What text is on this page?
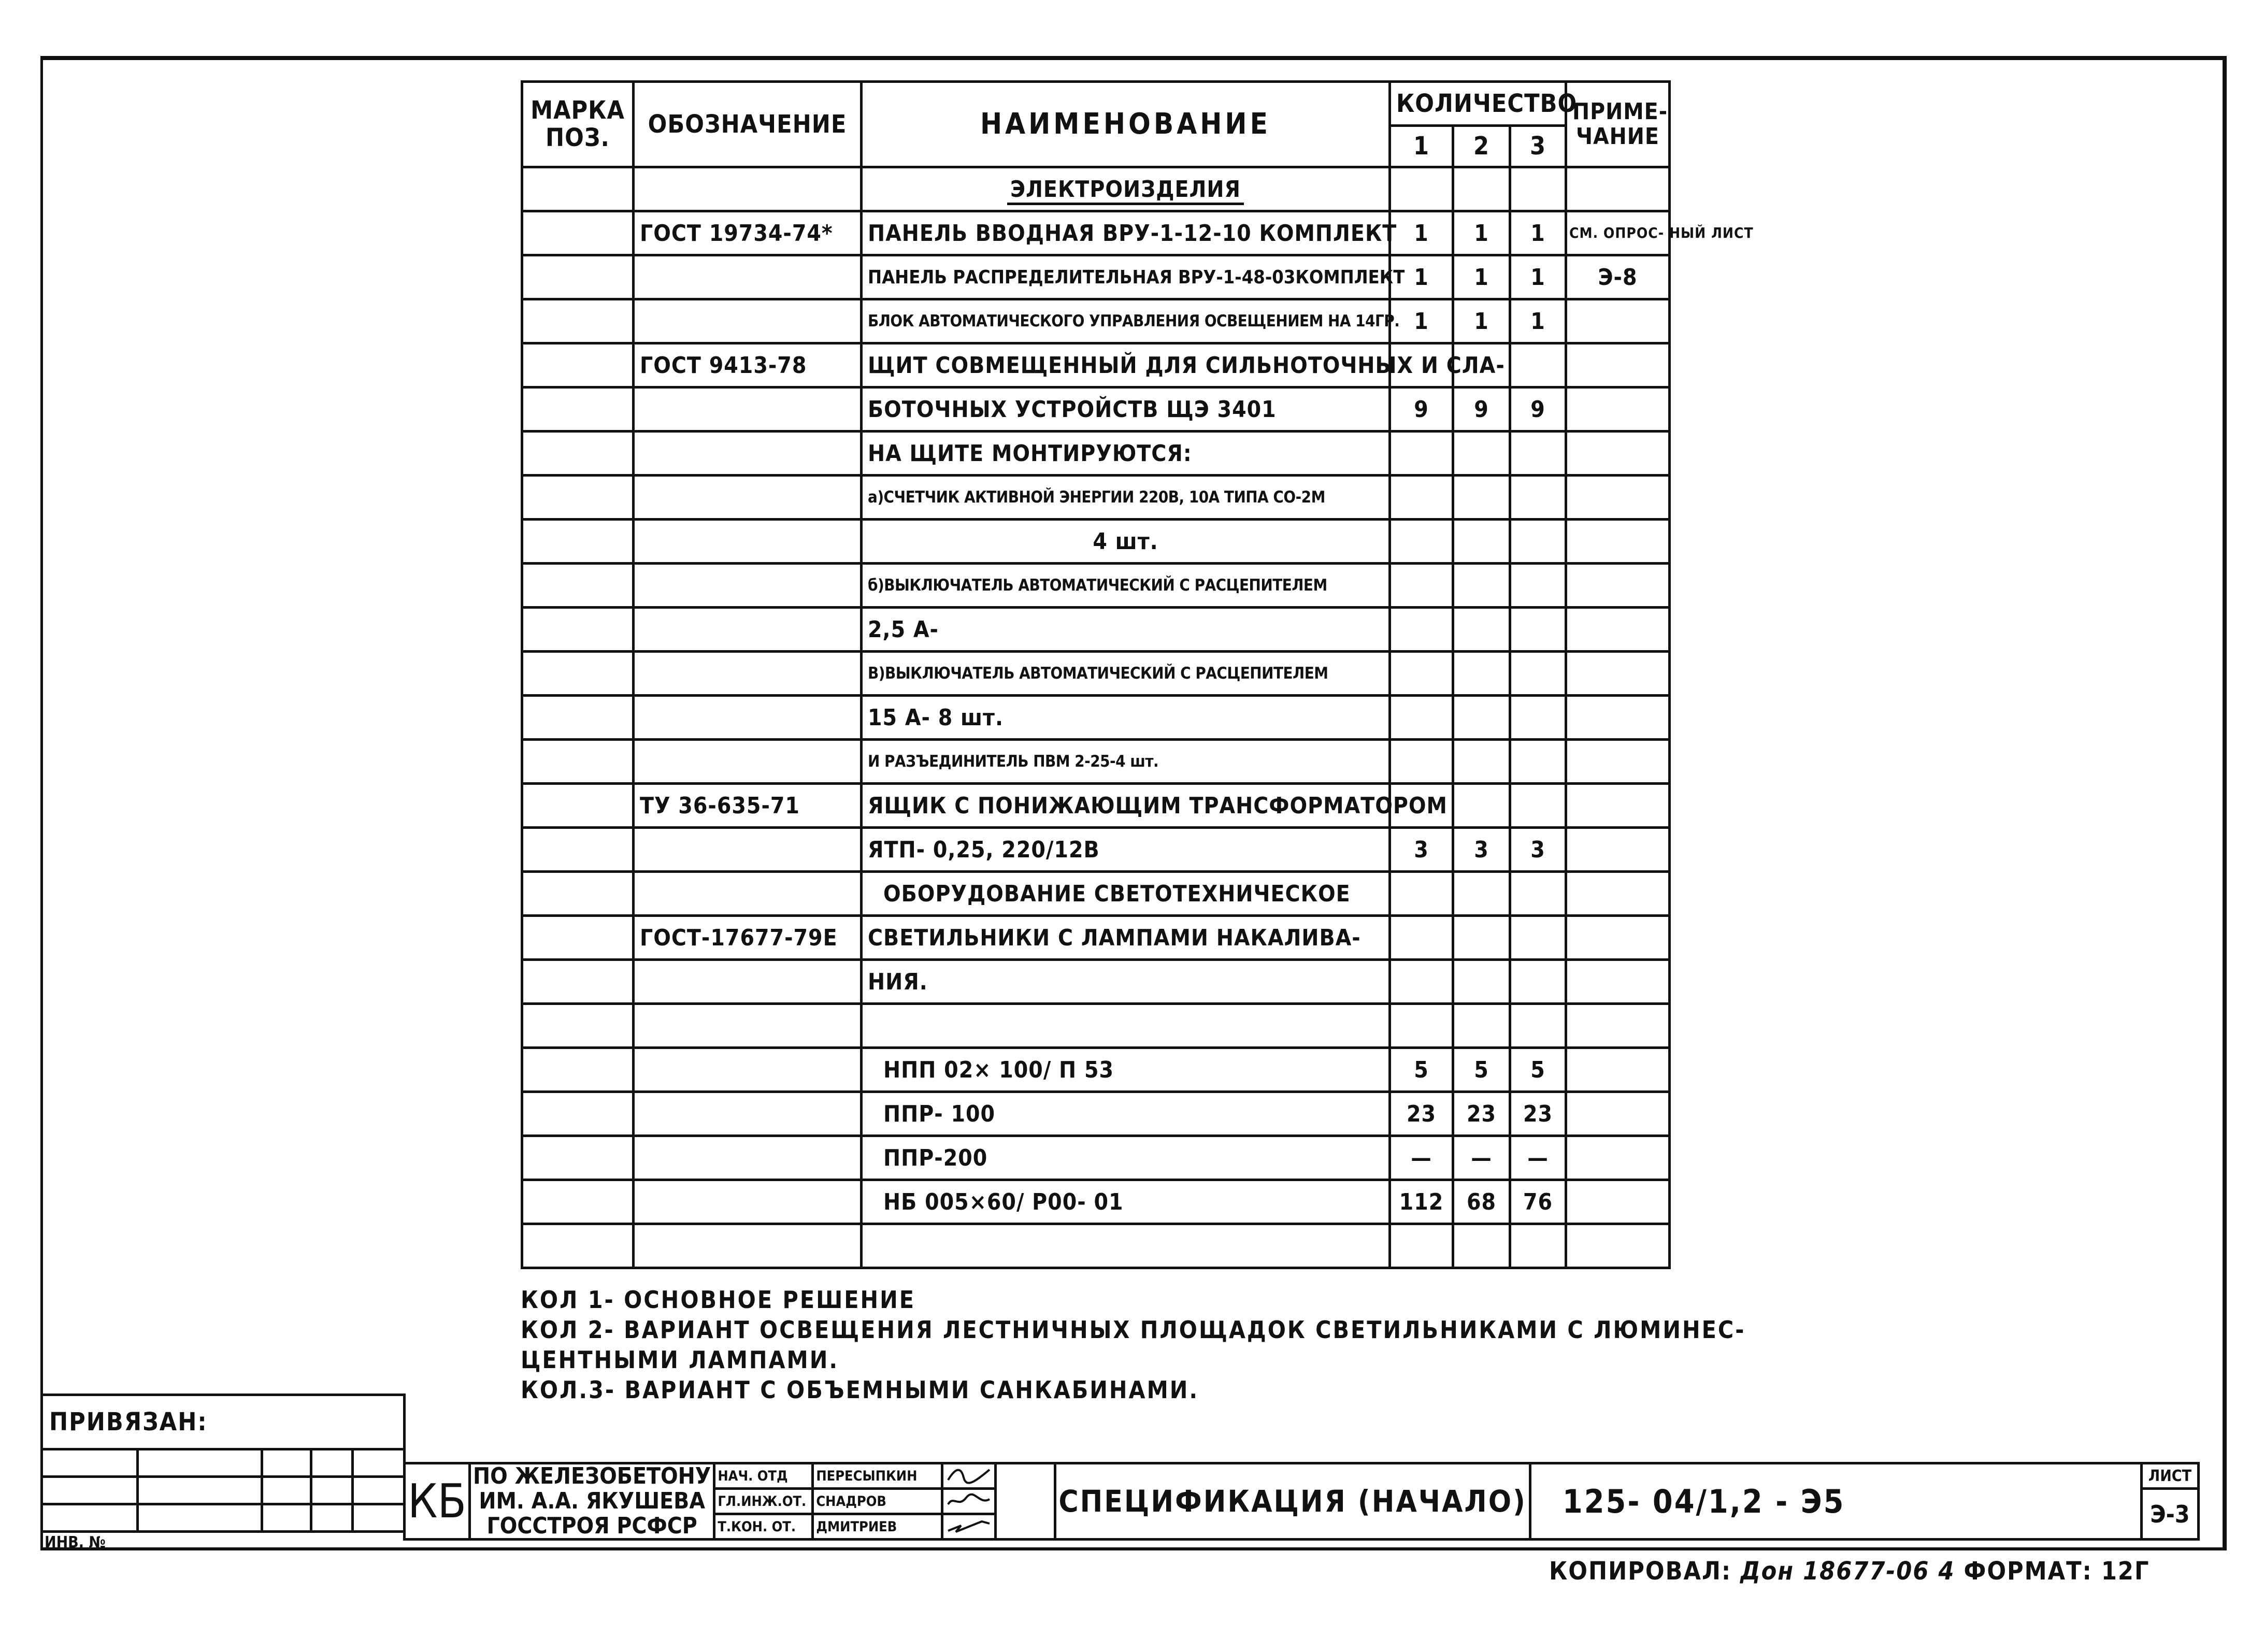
МАРКА ПОЗ.	ОБОЗНАЧЕНИЕ	НАИМЕНОВАНИЕ	КОЛИЧЕСТВО			ПРИМЕ- ЧАНИЕ
			1	2	3	
		ЭЛЕКТРОИЗДЕЛИЯ				
	ГОСТ 19734-74*	ПАНЕЛЬ ВВОДНАЯ ВРУ-1-12-10 КОМПЛЕКТ	1	1	1	СМ. ОПРОС- НЫЙ ЛИСТ
		ПАНЕЛЬ РАСПРЕДЕЛИТЕЛЬНАЯ ВРУ-1-48-03КОМПЛЕКТ	1	1	1	Э-8
		БЛОК АВТОМАТИЧЕСКОГО УПРАВЛЕНИЯ ОСВЕЩЕНИЕМ НА 14ГР.	1	1	1	
	ГОСТ 9413-78	ЩИТ СОВМЕЩЕННЫЙ ДЛЯ СИЛЬНОТОЧНЫХ И СЛА-				
		БОТОЧНЫХ УСТРОЙСТВ ЩЭ 3401	9	9	9	
		НА ЩИТЕ МОНТИРУЮТСЯ:				
		а)СЧЕТЧИК АКТИВНОЙ ЭНЕРГИИ 220В, 10А ТИПА СО-2М				
		4 шт.				
		б)ВЫКЛЮЧАТЕЛЬ АВТОМАТИЧЕСКИЙ С РАСЦЕПИТЕЛЕМ				
		2,5 А-				
		В)ВЫКЛЮЧАТЕЛЬ АВТОМАТИЧЕСКИЙ С РАСЦЕПИТЕЛЕМ				
		15 А- 8 шт.				
		И РАЗЪЕДИНИТЕЛЬ ПВМ 2-25-4 шт.				
	ТУ 36-635-71	ЯЩИК С ПОНИЖАЮЩИМ ТРАНСФОРМАТОРОМ				
		ЯТП- 0,25, 220/12В	3	3	3	
		ОБОРУДОВАНИЕ СВЕТОТЕХНИЧЕСКОЕ				
	ГОСТ-17677-79Е	СВЕТИЛЬНИКИ С ЛАМПАМИ НАКАЛИВА-				
		НИЯ.				

		НПП 02× 100/ П 53	5	5	5	
		ППР- 100	23	23	23	
		ППР-200	—	—	—	
		НБ 005×60/ Р00- 01	112	68	76	

КОЛ 1- ОСНОВНОЕ РЕШЕНИЕ
КОЛ 2- ВАРИАНТ ОСВЕЩЕНИЯ ЛЕСТНИЧНЫХ ПЛОЩАДОК СВЕТИЛЬНИКАМИ С ЛЮМИНЕС-
ЦЕНТНЫМИ ЛАМПАМИ.
КОЛ.3- ВАРИАНТ С ОБЪЕМНЫМИ САНКАБИНАМИ.
ПРИВЯЗАН:				

ИНВ. №
КБ	ПО ЖЕЛЕЗОБЕТОНУ	НАЧ. ОТД	ПЕРЕСЫПКИН			СПЕЦИФИКАЦИЯ (НАЧАЛО)	125- 04/1,2 - Э5	ЛИСТ
	ИМ. А.А. ЯКУШЕВА	ГЛ.ИНЖ.ОТ.	СНАДРОВ					Э-3
	ГОССТРОЯ РСФСР	Т.КОН. ОТ.	ДМИТРИЕВ	
КОПИРОВАЛ: Дон 18677-06 4 ФОРМАТ: 12Г
